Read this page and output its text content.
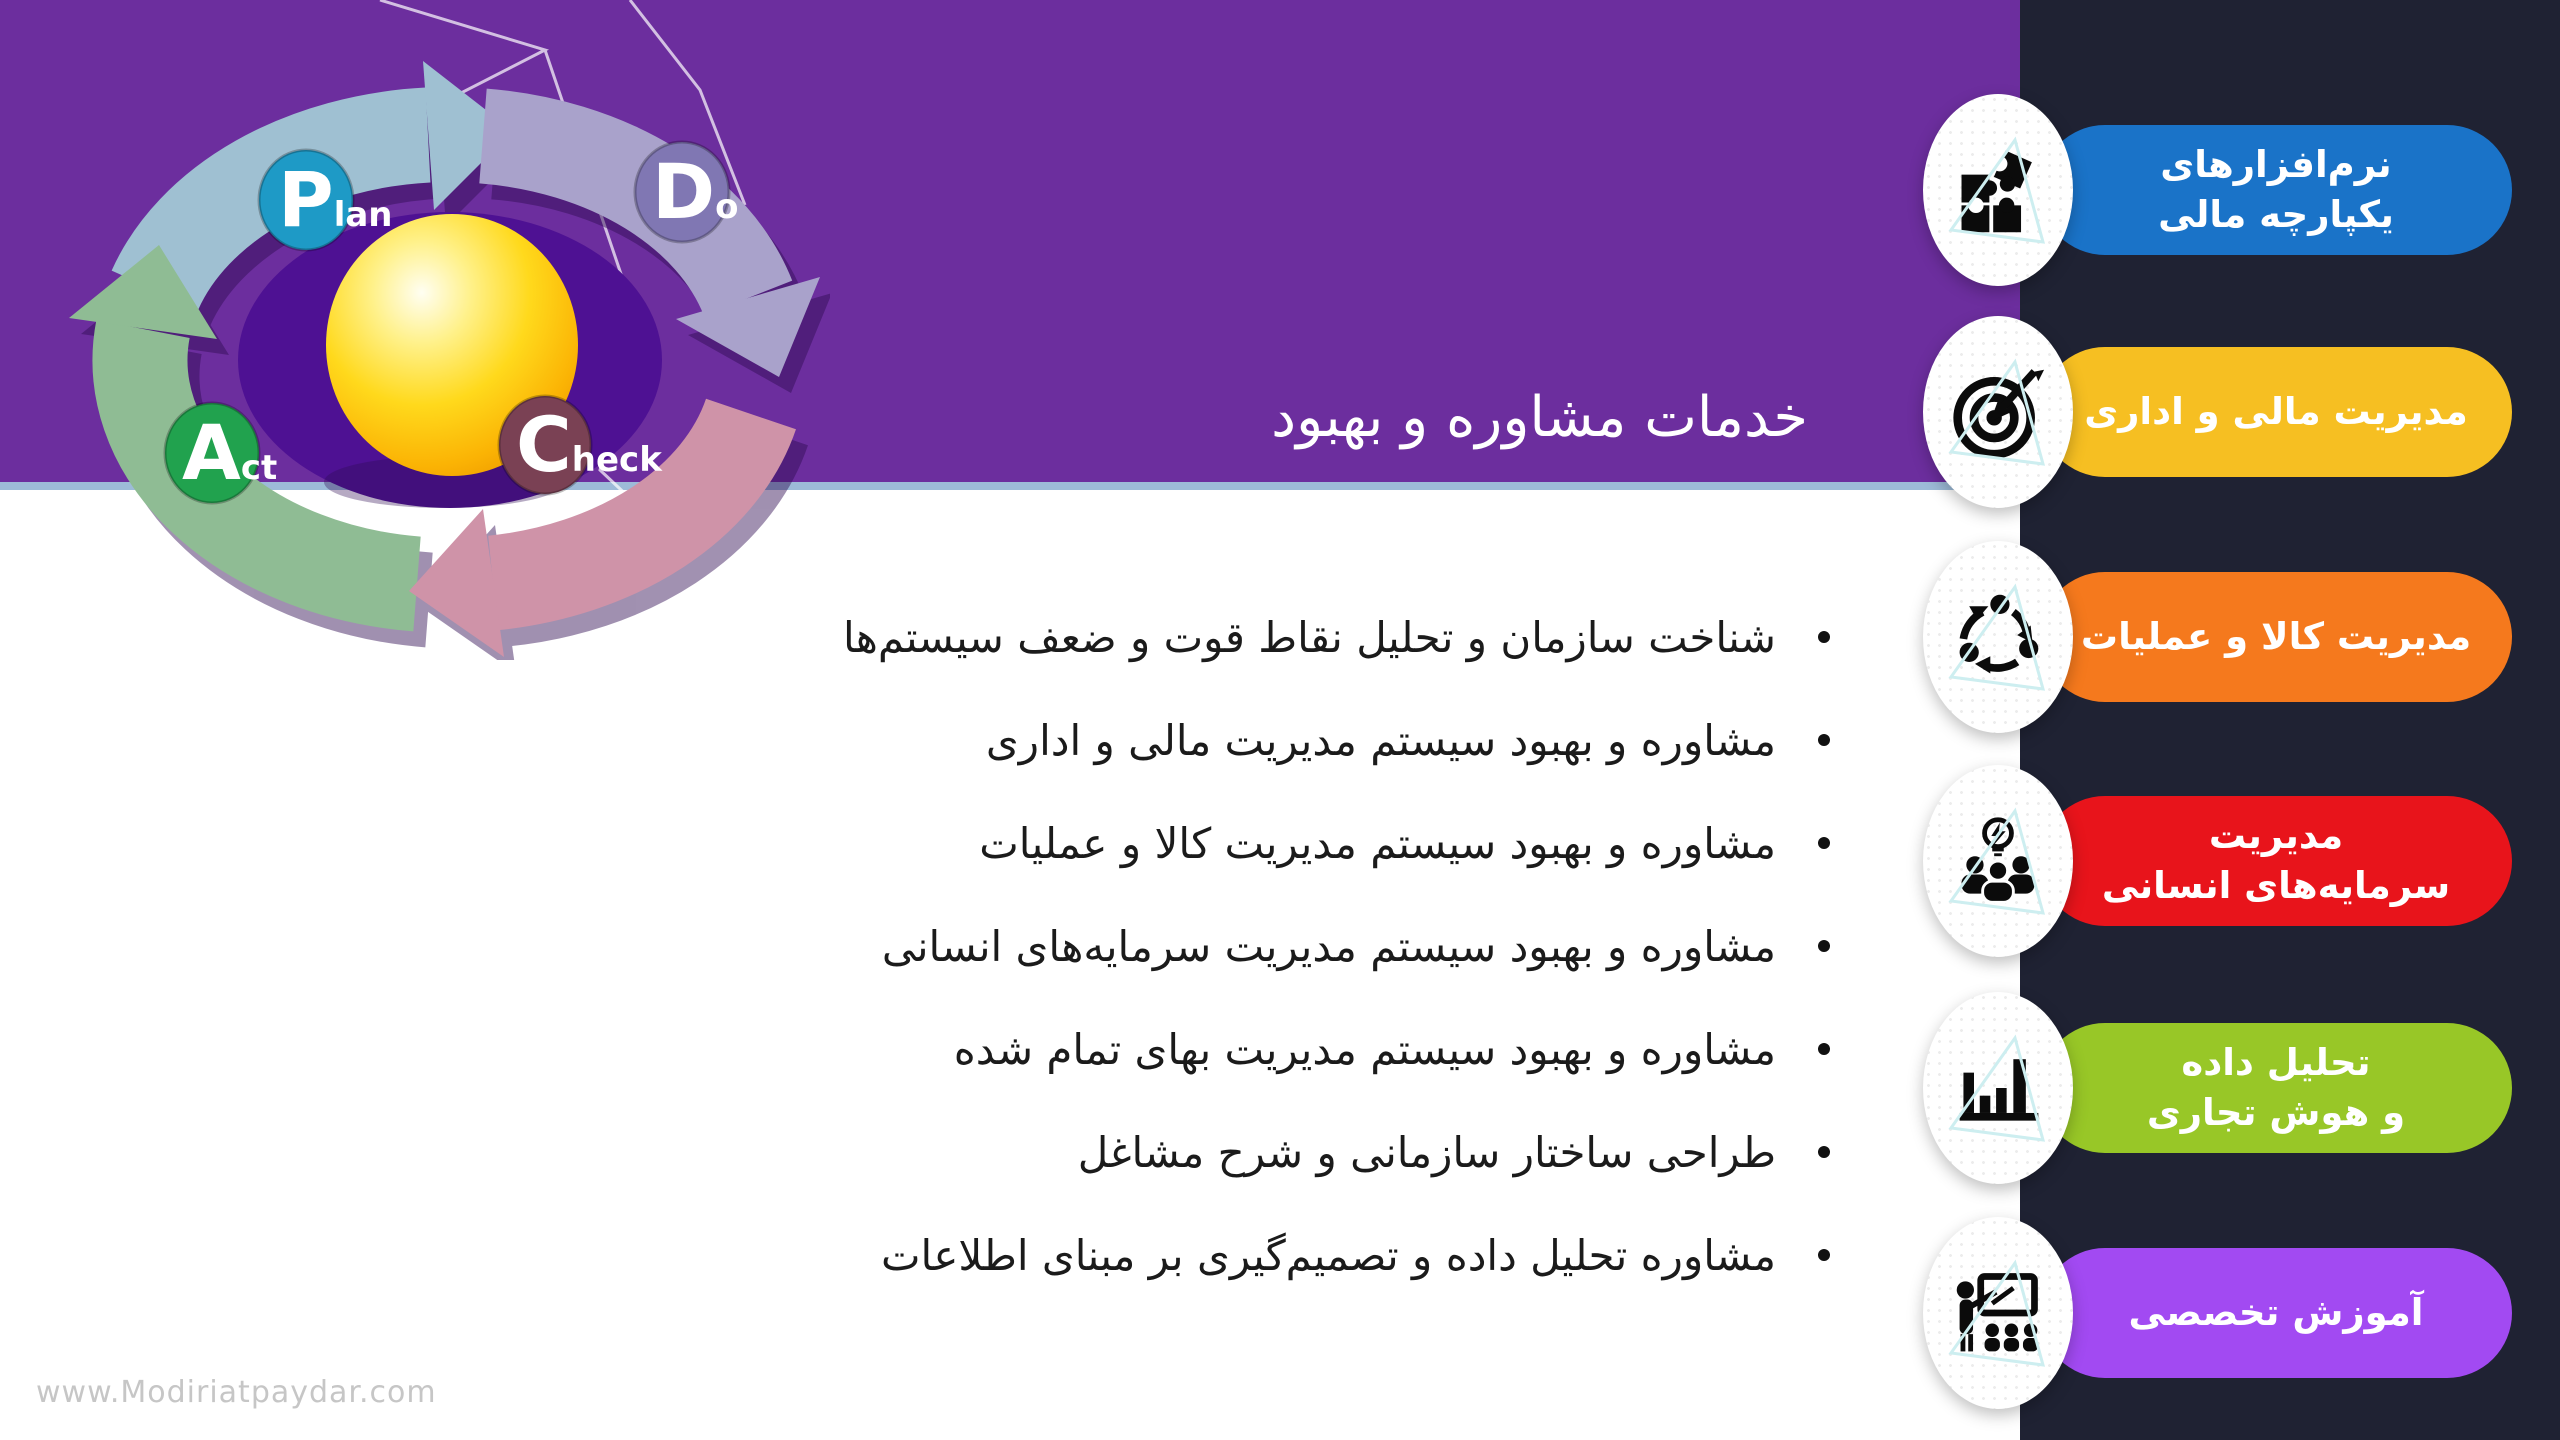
خدمات مشاوره و بهبود
Plan	Do
Check
Act
شناخت سازمان و تحلیل نقاط قوت و ضعف سیستم‌ها
مشاوره و بهبود سیستم مدیریت مالی و اداری
مشاوره و بهبود سیستم مدیریت کالا و عملیات
مشاوره و بهبود سیستم مدیریت سرمایه‌های انسانی
مشاوره و بهبود سیستم مدیریت بهای تمام شده
طراحی ساختار سازمانی و شرح مشاغل
مشاوره تحلیل داده و تصمیم‌گیری بر مبنای اطلاعات
نرم‌افزارهای
یکپارچه مالی
مدیریت مالی و اداری
مدیریت کالا و عملیات
مدیریت
سرمایه‌های انسانی
تحلیل داده
و هوش تجاری
آموزش تخصصی
www.Modiriatpaydar.com
